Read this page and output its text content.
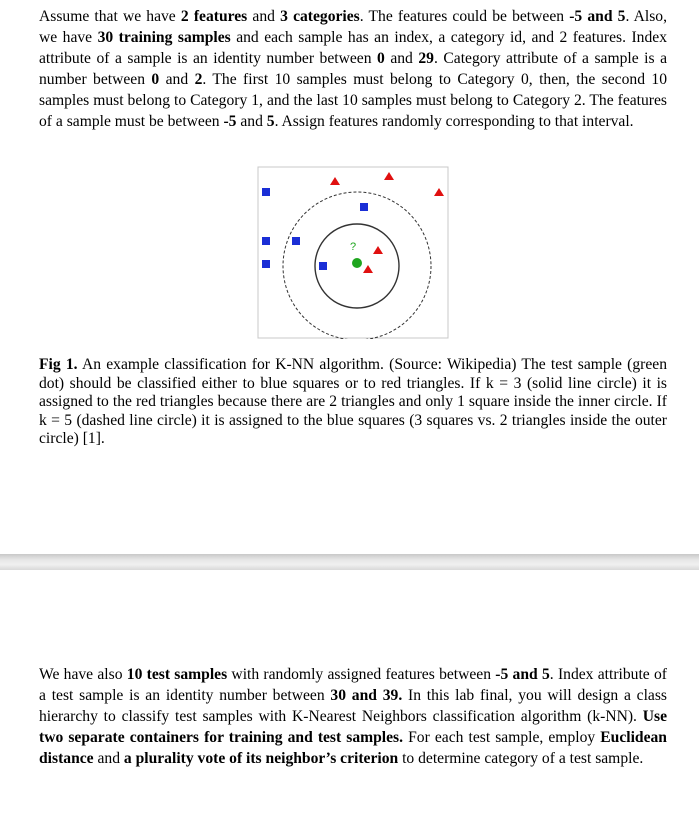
Assume that we have 2 features and 3 categories. The features could be between -5 and 5. Also, we have 30 training samples and each sample has an index, a category id, and 2 features. Index attribute of a sample is an identity number between 0 and 29. Category attribute of a sample is a number between 0 and 2. The first 10 samples must belong to Category 0, then, the second 10 samples must belong to Category 1, and the last 10 samples must belong to Category 2. The features of a sample must be between -5 and 5. Assign features randomly corresponding to that interval.

?

Fig 1. An example classification for K-NN algorithm. (Source: Wikipedia) The test sample (green dot) should be classified either to blue squares or to red triangles. If k = 3 (solid line circle) it is assigned to the red triangles because there are 2 triangles and only 1 square inside the inner circle. If k = 5 (dashed line circle) it is assigned to the blue squares (3 squares vs. 2 triangles inside the outer circle) [1].

We have also 10 test samples with randomly assigned features between -5 and 5. Index attribute of a test sample is an identity number between 30 and 39. In this lab final, you will design a class hierarchy to classify test samples with K-Nearest Neighbors classification algorithm (k-NN). Use two separate containers for training and test samples. For each test sample, employ Euclidean distance and a plurality vote of its neighbor’s criterion to determine category of a test sample.
